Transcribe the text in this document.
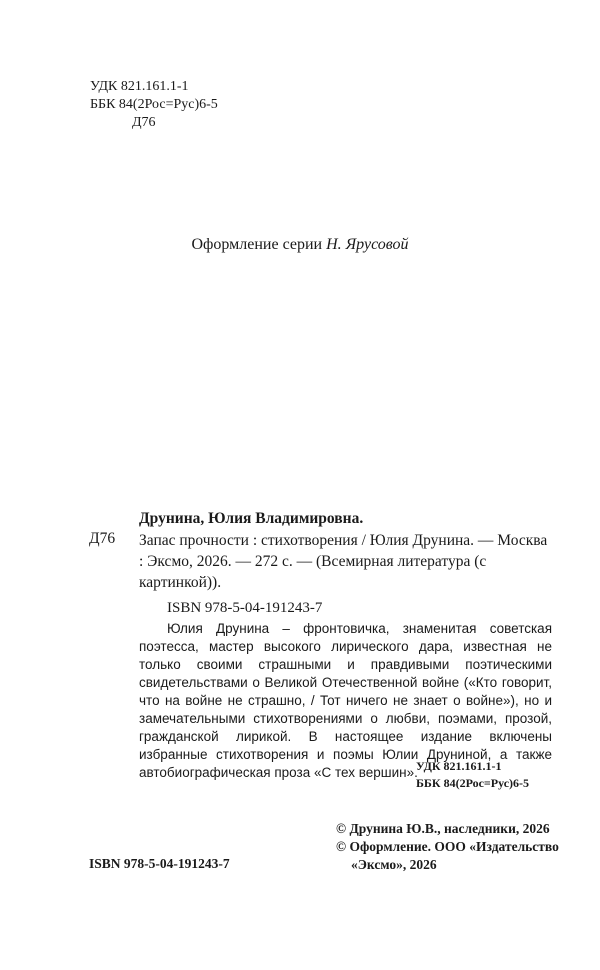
УДК 821.161.1-1
ББК 84(2Рос=Рус)6-5
Д76
Оформление серии Н. Ярусовой
Друнина, Юлия Владимировна.
Д76 Запас прочности : стихотворения / Юлия Друнина. — Москва : Эксмо, 2026. — 272 с. — (Всемирная литература (с картинкой)).
ISBN 978-5-04-191243-7
Юлия Друнина – фронтовичка, знаменитая советская поэтесса, мастер высокого лирического дара, известная не только своими страшными и правдивыми поэтическими свидетельствами о Великой Отечественной войне («Кто говорит, что на войне не страшно, / Тот ничего не знает о войне»), но и замечательными стихотворениями о любви, поэмами, прозой, гражданской лирикой. В настоящее издание включены избранные стихотворения и поэмы Юлии Друниной, а также автобиографическая проза «С тех вершин».
УДК 821.161.1-1
ББК 84(2Рос=Рус)6-5
© Друнина Ю.В., наследники, 2026
© Оформление. ООО «Издательство
«Эксмо», 2026
ISBN 978-5-04-191243-7
